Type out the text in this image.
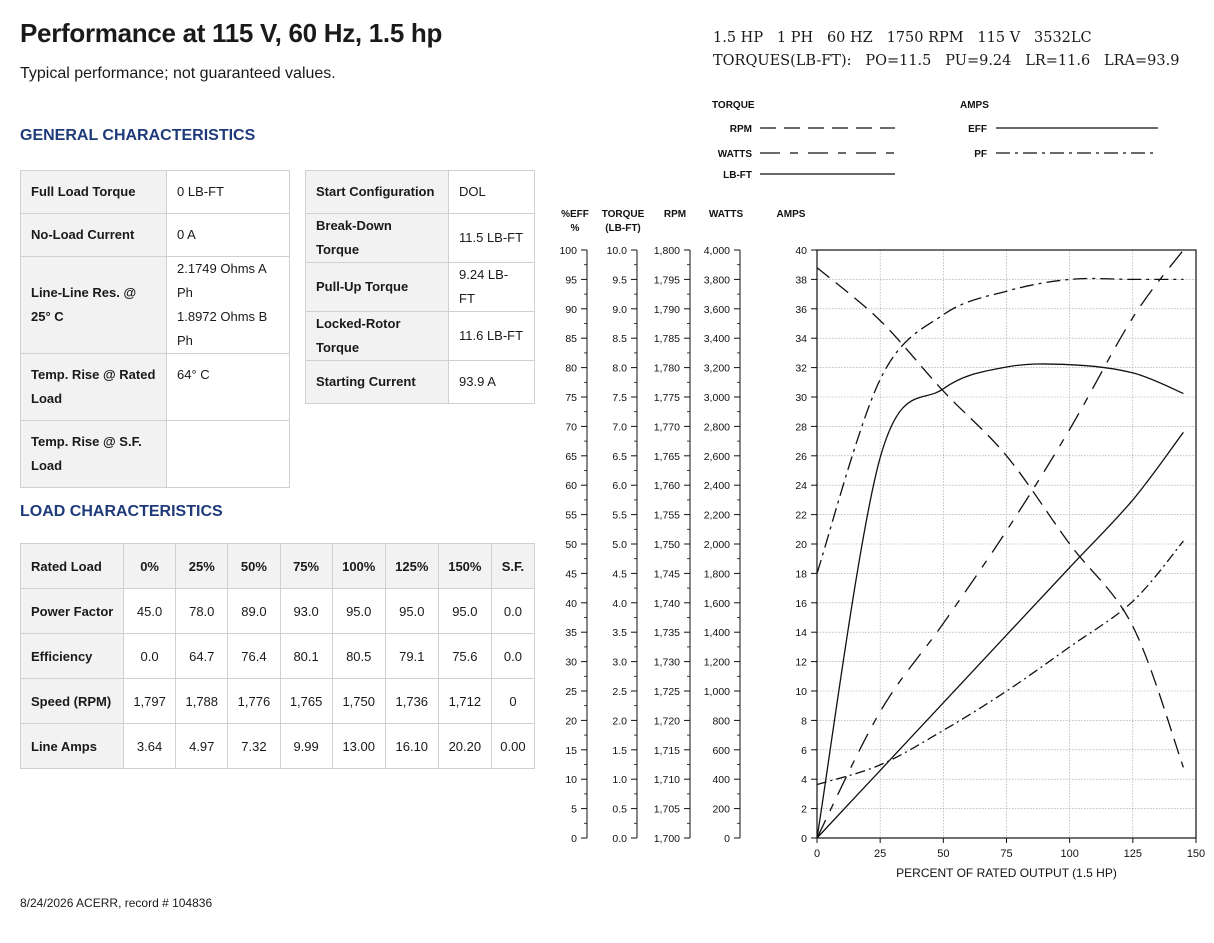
Performance at 115 V, 60 Hz, 1.5 hp
Typical performance; not guaranteed values.
1.5 HP   1 PH   60 HZ   1750 RPM   115 V   3532LC
TORQUES(LB-FT):   PO=11.5   PU=9.24   LR=11.6   LRA=93.9
GENERAL CHARACTERISTICS
Full Load Torque	0 LB-FT
No-Load Current	0 A
Line-Line Res. @ 25° C	2.1749 Ohms A Ph
1.8972 Ohms B Ph

Temp. Rise @ Rated Load	64° C
Temp. Rise @ S.F. Load	
Start Configuration	DOL
Break-Down Torque	11.5 LB-FT
Pull-Up Torque	9.24 LB-FT
Locked-Rotor Torque	11.6 LB-FT
Starting Current	93.9 A
LOAD CHARACTERISTICS
Rated Load	0%	25%	50%	75%	100%	125%	150%	S.F.
Power Factor	45.0	78.0	89.0	93.0	95.0	95.0	95.0	0.0
Efficiency	0.0	64.7	76.4	80.1	80.5	79.1	75.6	0.0
Speed (RPM)	1,797	1,788	1,776	1,765	1,750	1,736	1,712	0
Line Amps	3.64	4.97	7.32	9.99	13.00	16.10	20.20	0.00
0	25	50	75	100	125	150
PERCENT OF RATED OUTPUT (1.5 HP)
%EFF
%
0
5
10
15
20
25
30
35
40
45
50
55
60
65
70
75
80
85
90
95
100
TORQUE
(LB-FT)
0.0
0.5
1.0
1.5
2.0
2.5
3.0
3.5
4.0
4.5
5.0
5.5
6.0
6.5
7.0
7.5
8.0
8.5
9.0
9.5
10.0
RPM
1,700
1,705
1,710
1,715
1,720
1,725
1,730
1,735
1,740
1,745
1,750
1,755
1,760
1,765
1,770
1,775
1,780
1,785
1,790
1,795
1,800
WATTS
0
200
400
600
800
1,000
1,200
1,400
1,600
1,800
2,000
2,200
2,400
2,600
2,800
3,000
3,200
3,400
3,600
3,800
4,000
AMPS
0
2
4
6
8
10
12
14
16
18
20
22
24
26
28
30
32
34
36
38
40
TORQUE	AMPS
RPM
WATTS
LB-FT
EFF
PF
8/24/2026 ACERR, record # 104836
